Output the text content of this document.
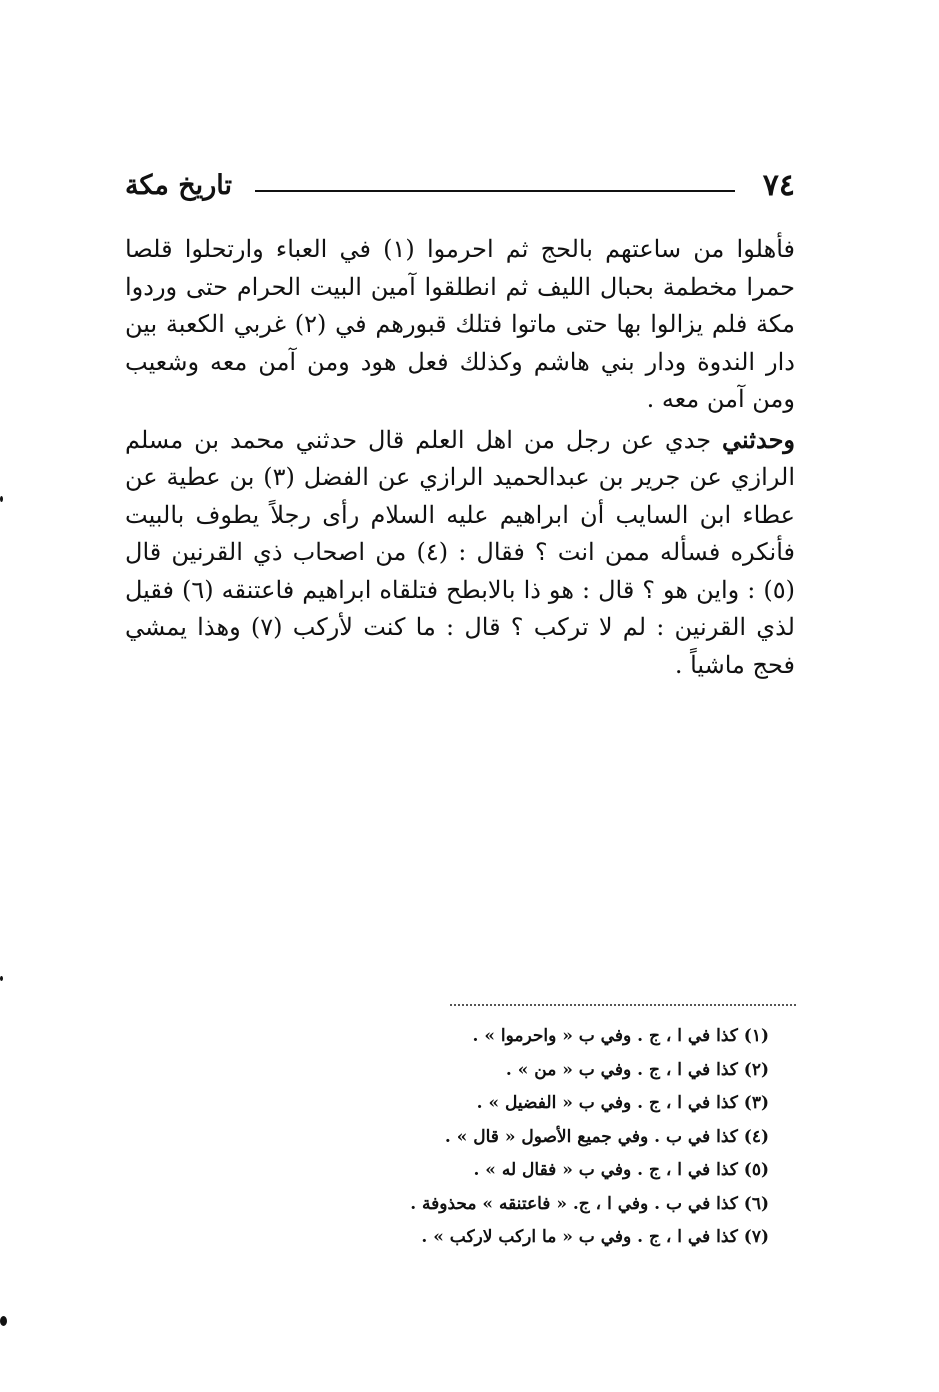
٧٤
تاريخ مكة

فأهلوا من ساعتهم بالحج ثم احرموا (١) في العباء وارتحلوا قلصا حمرا مخطمة بحبال الليف ثم انطلقوا آمين البيت الحرام حتى وردوا مكة فلم يزالوا بها حتى ماتوا فتلك قبورهم في (٢) غربي الكعبة بين دار الندوة ودار بني هاشم وكذلك فعل هود ومن آمن معه وشعيب ومن آمن معه .

وحدثني جدي عن رجل من اهل العلم قال حدثني محمد بن مسلم الرازي عن جرير بن عبدالحميد الرازي عن الفضل (٣) بن عطية عن عطاء ابن السايب أن ابراهيم عليه السلام رأى رجلاً يطوف بالبيت فأنكره فسأله ممن انت ؟ فقال : (٤) من اصحاب ذي القرنين قال (٥) : واين هو ؟ قال : هو ذا بالابطح فتلقاه ابراهيم فاعتنقه (٦) فقيل لذي القرنين : لم لا تركب ؟ قال : ما كنت لأركب (٧) وهذا يمشي فحج ماشياً .

(١) كذا في ا ، ج . وفي ب « واحرموا » .
(٢) كذا في ا ، ج . وفي ب « من » .
(٣) كذا في ا ، ج . وفي ب « الفضيل » .
(٤) كذا في ب . وفي جميع الأصول « قال » .
(٥) كذا في ا ، ج . وفي ب « فقال له » .
(٦) كذا في ب . وفي ا ، ج. « فاعتنقه » محذوفة .
(٧) كذا في ا ، ج . وفي ب « ما اركب لاركب » .
